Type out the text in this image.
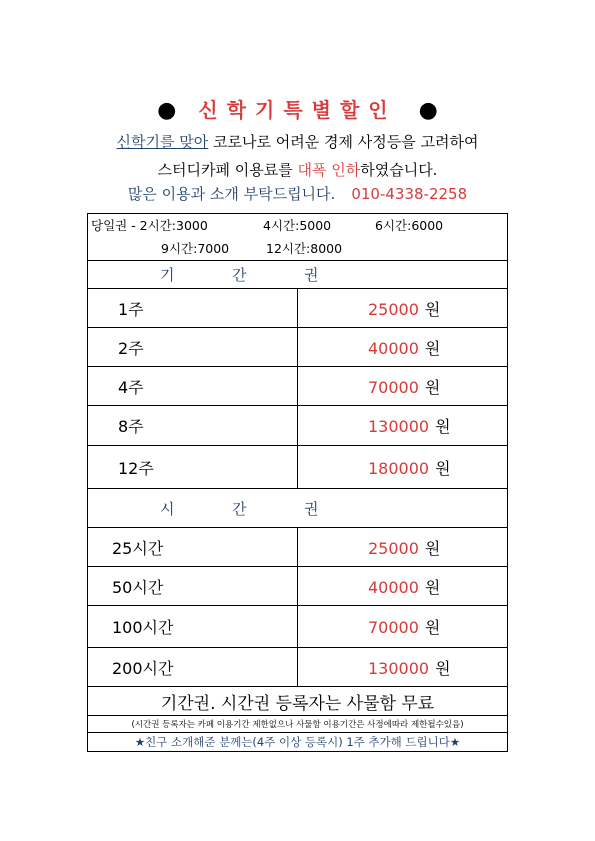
● 신학기특별할인 ●
신학기를 맞아 코로나로 어려운 경제 사정등을 고려하여
스터디카페 이용료를 대폭 인하하였습니다.
많은 이용과 소개 부탁드립니다. 010-4338-2258
당일권 - 2시간:3000 4시간:5000 6시간:6000
9시간:7000 12시간:8000	

기 간 권	

1주	25000 원
2주	40000 원
4주	70000 원
8주	130000 원
12주	180000 원

시 간 권	

25시간	25000 원
50시간	40000 원
100시간	70000 원
200시간	130000 원
기간권. 시간권 등록자는 사물함 무료	
(시간권 등록자는 카페 이용기간 제한없으나 사물함 이용기간은 사정에따라 제한될수있음)	
★친구 소개해준 분께는(4주 이상 등록시) 1주 추가해 드립니다★	
